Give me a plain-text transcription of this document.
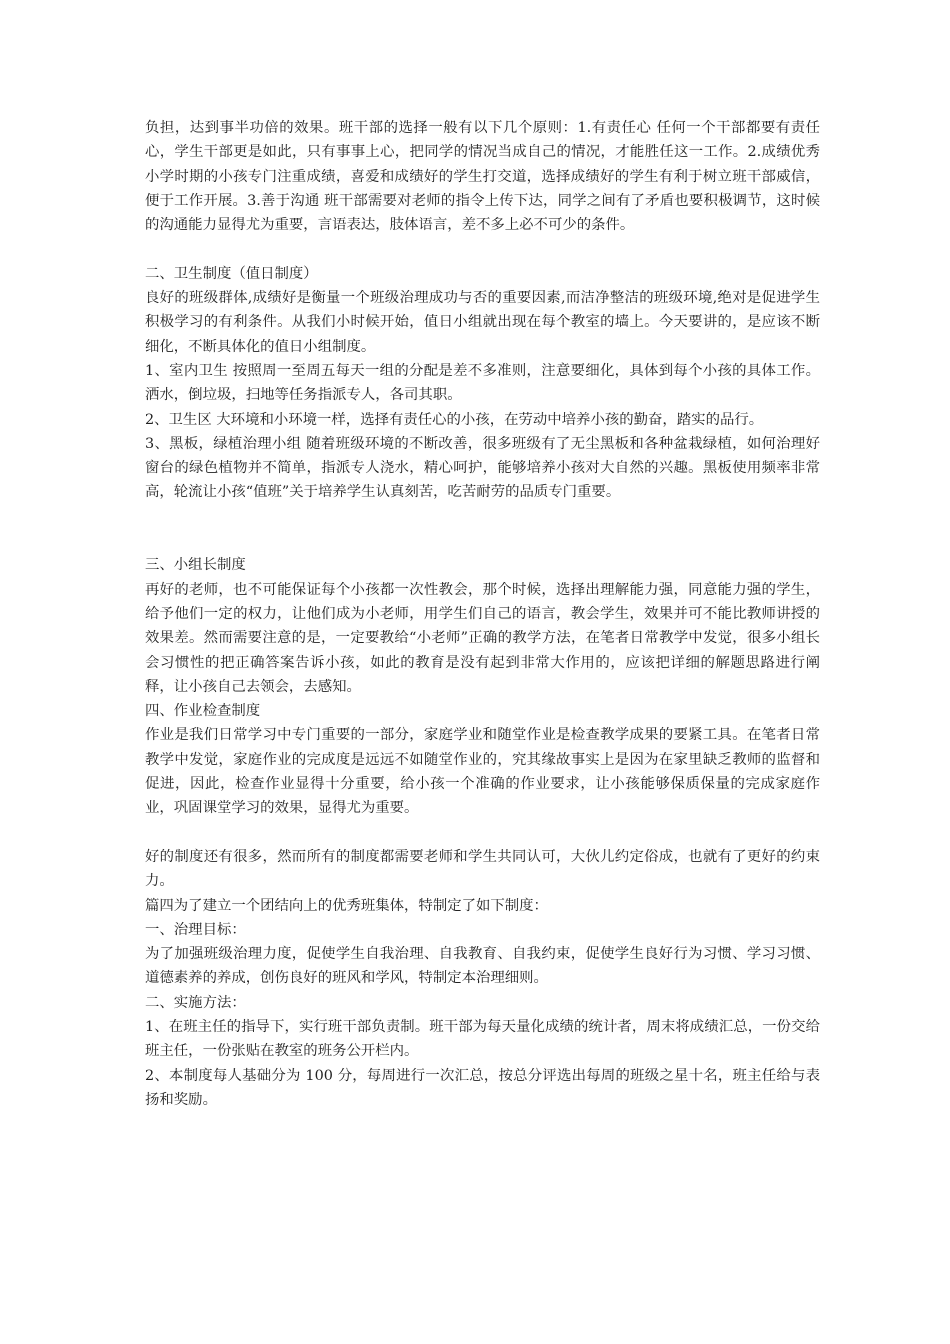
负担，达到事半功倍的效果。班干部的选择一般有以下几个原则：1.有责任心 任何一个干部都要有责任心，学生干部更是如此，只有事事上心，把同学的情况当成自己的情况，才能胜任这一工作。2.成绩优秀 小学时期的小孩专门注重成绩，喜爱和成绩好的学生打交道，选择成绩好的学生有利于树立班干部威信，便于工作开展。3.善于沟通 班干部需要对老师的指令上传下达，同学之间有了矛盾也要积极调节，这时候的沟通能力显得尤为重要，言语表达，肢体语言，差不多上必不可少的条件。

二、卫生制度（值日制度）

良好的班级群体,成绩好是衡量一个班级治理成功与否的重要因素,而洁净整洁的班级环境,绝对是促进学生积极学习的有利条件。从我们小时候开始，值日小组就出现在每个教室的墙上。今天要讲的，是应该不断细化，不断具体化的值日小组制度。

1、室内卫生 按照周一至周五每天一组的分配是差不多准则，注意要细化，具体到每个小孩的具体工作。 洒水，倒垃圾，扫地等任务指派专人，各司其职。

2、卫生区 大环境和小环境一样，选择有责任心的小孩，在劳动中培养小孩的勤奋，踏实的品行。

3、黑板，绿植治理小组 随着班级环境的不断改善，很多班级有了无尘黑板和各种盆栽绿植，如何治理好窗台的绿色植物并不简单，指派专人浇水，精心呵护，能够培养小孩对大自然的兴趣。黑板使用频率非常高，轮流让小孩“值班”关于培养学生认真刻苦，吃苦耐劳的品质专门重要。

三、小组长制度

再好的老师，也不可能保证每个小孩都一次性教会，那个时候，选择出理解能力强，同意能力强的学生，给予他们一定的权力，让他们成为小老师，用学生们自己的语言，教会学生，效果并可不能比教师讲授的效果差。然而需要注意的是，一定要教给“小老师”正确的教学方法，在笔者日常教学中发觉，很多小组长会习惯性的把正确答案告诉小孩，如此的教育是没有起到非常大作用的，应该把详细的解题思路进行阐释，让小孩自己去领会，去感知。

四、作业检查制度

作业是我们日常学习中专门重要的一部分，家庭学业和随堂作业是检查教学成果的要紧工具。在笔者日常教学中发觉，家庭作业的完成度是远远不如随堂作业的，究其缘故事实上是因为在家里缺乏教师的监督和促进，因此，检查作业显得十分重要，给小孩一个准确的作业要求，让小孩能够保质保量的完成家庭作业，巩固课堂学习的效果，显得尤为重要。

好的制度还有很多，然而所有的制度都需要老师和学生共同认可，大伙儿约定俗成，也就有了更好的约束力。

篇四为了建立一个团结向上的优秀班集体，特制定了如下制度：

一、治理目标：

为了加强班级治理力度，促使学生自我治理、自我教育、自我约束，促使学生良好行为习惯、学习习惯、道德素养的养成，创伤良好的班风和学风，特制定本治理细则。

二、实施方法：

1、在班主任的指导下，实行班干部负责制。班干部为每天量化成绩的统计者，周末将成绩汇总，一份交给班主任，一份张贴在教室的班务公开栏内。

2、本制度每人基础分为 100 分，每周进行一次汇总，按总分评选出每周的班级之星十名，班主任给与表扬和奖励。
